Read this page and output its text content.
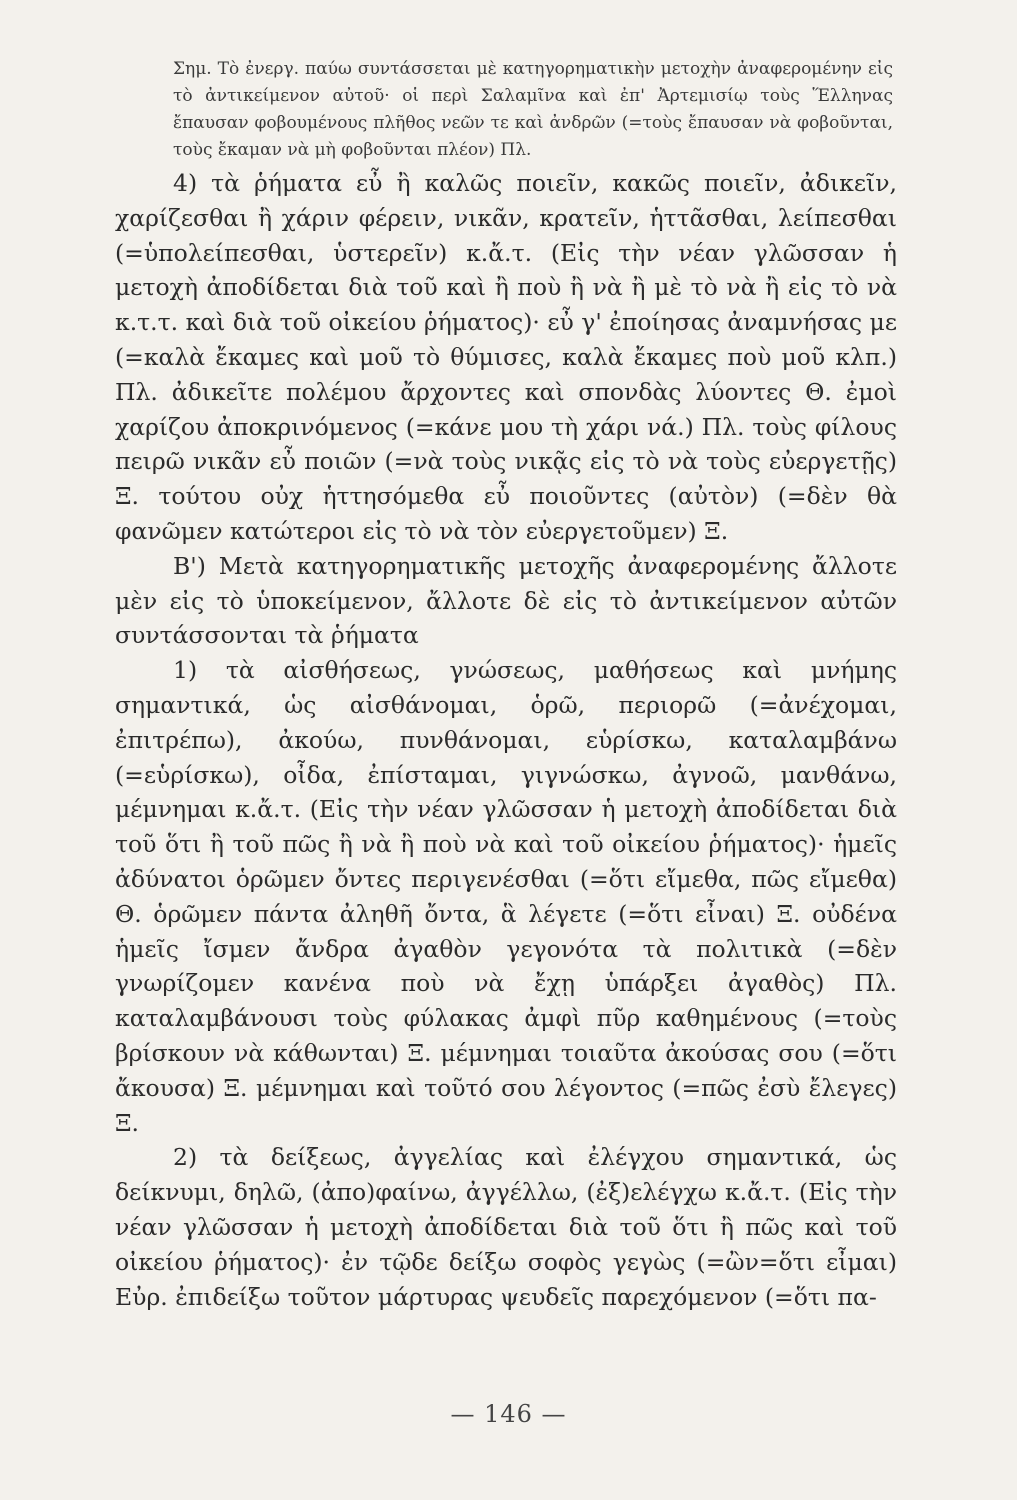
Σημ. Τὸ ἐνεργ. παύω συντάσσεται μὲ κατηγορηματικὴν μετοχὴν ἀναφερομένην εἰς τὸ ἀντικείμενον αὐτοῦ· οἱ περὶ Σαλαμῖνα καὶ ἐπ' Ἀρτεμισίῳ τοὺς Ἕλληνας ἔπαυσαν φοβουμένους πλῆθος νεῶν τε καὶ ἀνδρῶν (=τοὺς ἔπαυσαν νὰ φοβοῦνται, τοὺς ἔκαμαν νὰ μὴ φοβοῦνται πλέον) Πλ.

4) τὰ ῥήματα εὖ ἢ καλῶς ποιεῖν, κακῶς ποιεῖν, ἀδικεῖν, χαρίζεσθαι ἢ χάριν φέρειν, νικᾶν, κρατεῖν, ἡττᾶσθαι, λείπεσθαι (=ὑπολείπεσθαι, ὑστερεῖν) κ.ἄ.τ. (Εἰς τὴν νέαν γλῶσσαν ἡ μετοχὴ ἀποδίδεται διὰ τοῦ καὶ ἢ ποὺ ἢ νὰ ἢ μὲ τὸ νὰ ἢ εἰς τὸ νὰ κ.τ.τ. καὶ διὰ τοῦ οἰκείου ῥήματος)· εὖ γ' ἐποίησας ἀναμνήσας με (=καλὰ ἔκαμες καὶ μοῦ τὸ θύμισες, καλὰ ἔκαμες ποὺ μοῦ κλπ.) Πλ. ἀδικεῖτε πολέμου ἄρχοντες καὶ σπονδὰς λύοντες Θ. ἐμοὶ χαρίζου ἀποκρινόμενος (=κάνε μου τὴ χάρι νά.) Πλ. τοὺς φίλους πειρῶ νικᾶν εὖ ποιῶν (=νὰ τοὺς νικᾷς εἰς τὸ νὰ τοὺς εὐεργετῇς) Ξ. τούτου οὐχ ἡττησόμεθα εὖ ποιοῦντες (αὐτὸν) (=δὲν θὰ φανῶμεν κατώτεροι εἰς τὸ νὰ τὸν εὐεργετοῦμεν) Ξ.

Β') Μετὰ κατηγορηματικῆς μετοχῆς ἀναφερομένης ἄλλοτε μὲν εἰς τὸ ὑποκείμενον, ἄλλοτε δὲ εἰς τὸ ἀντικείμενον αὐτῶν συντάσσονται τὰ ῥήματα

1) τὰ αἰσθήσεως, γνώσεως, μαθήσεως καὶ μνήμης σημαντικά, ὡς αἰσθάνομαι, ὁρῶ, περιορῶ (=ἀνέχομαι, ἐπιτρέπω), ἀκούω, πυνθάνομαι, εὑρίσκω, καταλαμβάνω (=εὑρίσκω), οἶδα, ἐπίσταμαι, γιγνώσκω, ἀγνοῶ, μανθάνω, μέμνημαι κ.ἄ.τ. (Εἰς τὴν νέαν γλῶσσαν ἡ μετοχὴ ἀποδίδεται διὰ τοῦ ὅτι ἢ τοῦ πῶς ἢ νὰ ἢ ποὺ νὰ καὶ τοῦ οἰκείου ῥήματος)· ἡμεῖς ἀδύνατοι ὁρῶμεν ὄντες περιγενέσθαι (=ὅτι εἴμεθα, πῶς εἴμεθα) Θ. ὁρῶμεν πάντα ἀληθῆ ὄντα, ἃ λέγετε (=ὅτι εἶναι) Ξ. οὐδένα ἡμεῖς ἴσμεν ἄνδρα ἀγαθὸν γεγονότα τὰ πολιτικὰ (=δὲν γνωρίζομεν κανένα ποὺ νὰ ἔχῃ ὑπάρξει ἀγαθὸς) Πλ. καταλαμβάνουσι τοὺς φύλακας ἀμφὶ πῦρ καθημένους (=τοὺς βρίσκουν νὰ κάθωνται) Ξ. μέμνημαι τοιαῦτα ἀκούσας σου (=ὅτι ἄκουσα) Ξ. μέμνημαι καὶ τοῦτό σου λέγοντος (=πῶς ἐσὺ ἔλεγες) Ξ.

2) τὰ δείξεως, ἀγγελίας καὶ ἐλέγχου σημαντικά, ὡς δείκνυμι, δηλῶ, (ἀπο)φαίνω, ἀγγέλλω, (ἐξ)ελέγχω κ.ἄ.τ. (Εἰς τὴν νέαν γλῶσσαν ἡ μετοχὴ ἀποδίδεται διὰ τοῦ ὅτι ἢ πῶς καὶ τοῦ οἰκείου ῥήματος)· ἐν τῷδε δείξω σοφὸς γεγὼς (=ὢν=ὅτι εἶμαι) Εὐρ. ἐπιδείξω τοῦτον μάρτυρας ψευδεῖς παρεχόμενον (=ὅτι πα-

— 146 —
